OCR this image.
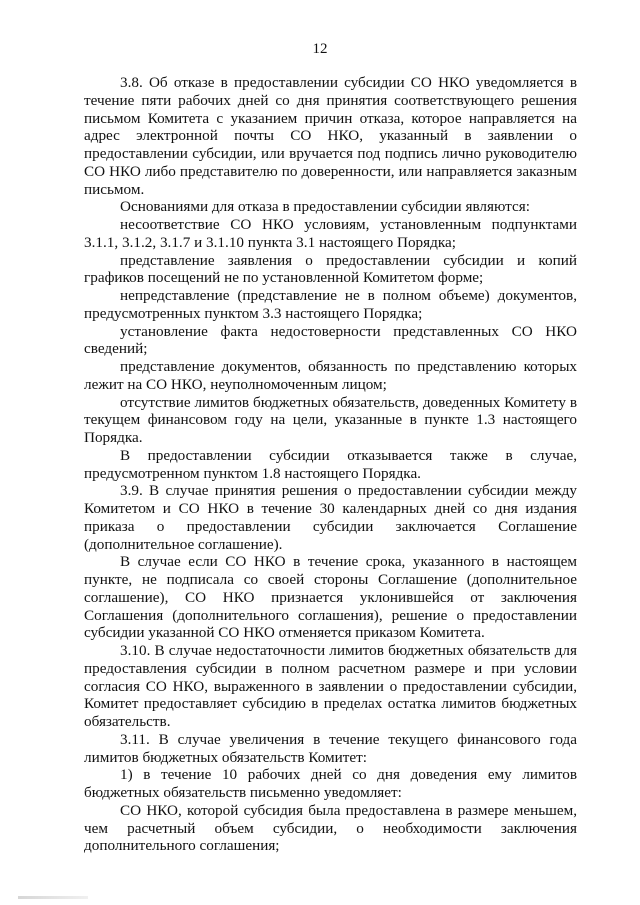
12

3.8. Об отказе в предоставлении субсидии СО НКО уведомляется в течение пяти рабочих дней со дня принятия соответствующего решения письмом Комитета с указанием причин отказа, которое направляется на адрес электронной почты СО НКО, указанный в заявлении о предоставлении субсидии, или вручается под подпись лично руководителю СО НКО либо представителю по доверенности, или направляется заказным письмом.

Основаниями для отказа в предоставлении субсидии являются:

несоответствие СО НКО условиям, установленным подпунктами 3.1.1, 3.1.2, 3.1.7 и 3.1.10 пункта 3.1 настоящего Порядка;

представление заявления о предоставлении субсидии и копий графиков посещений не по установленной Комитетом форме;

непредставление (представление не в полном объеме) документов, предусмотренных пунктом 3.3 настоящего Порядка;

установление факта недостоверности представленных СО НКО сведений;

представление документов, обязанность по представлению которых лежит на СО НКО, неуполномоченным лицом;

отсутствие лимитов бюджетных обязательств, доведенных Комитету в текущем финансовом году на цели, указанные в пункте 1.3 настоящего Порядка.

В предоставлении субсидии отказывается также в случае, предусмотренном пунктом 1.8 настоящего Порядка.

3.9. В случае принятия решения о предоставлении субсидии между Комитетом и СО НКО в течение 30 календарных дней со дня издания приказа о предоставлении субсидии заключается Соглашение (дополнительное соглашение).

В случае если СО НКО в течение срока, указанного в настоящем пункте, не подписала со своей стороны Соглашение (дополнительное соглашение), СО НКО признается уклонившейся от заключения Соглашения (дополнительного соглашения), решение о предоставлении субсидии указанной СО НКО отменяется приказом Комитета.

3.10. В случае недостаточности лимитов бюджетных обязательств для предоставления субсидии в полном расчетном размере и при условии согласия СО НКО, выраженного в заявлении о предоставлении субсидии, Комитет предоставляет субсидию в пределах остатка лимитов бюджетных обязательств.

3.11. В случае увеличения в течение текущего финансового года лимитов бюджетных обязательств Комитет:

1) в течение 10 рабочих дней со дня доведения ему лимитов бюджетных обязательств письменно уведомляет:

СО НКО, которой субсидия была предоставлена в размере меньшем, чем расчетный объем субсидии, о необходимости заключения дополнительного соглашения;
